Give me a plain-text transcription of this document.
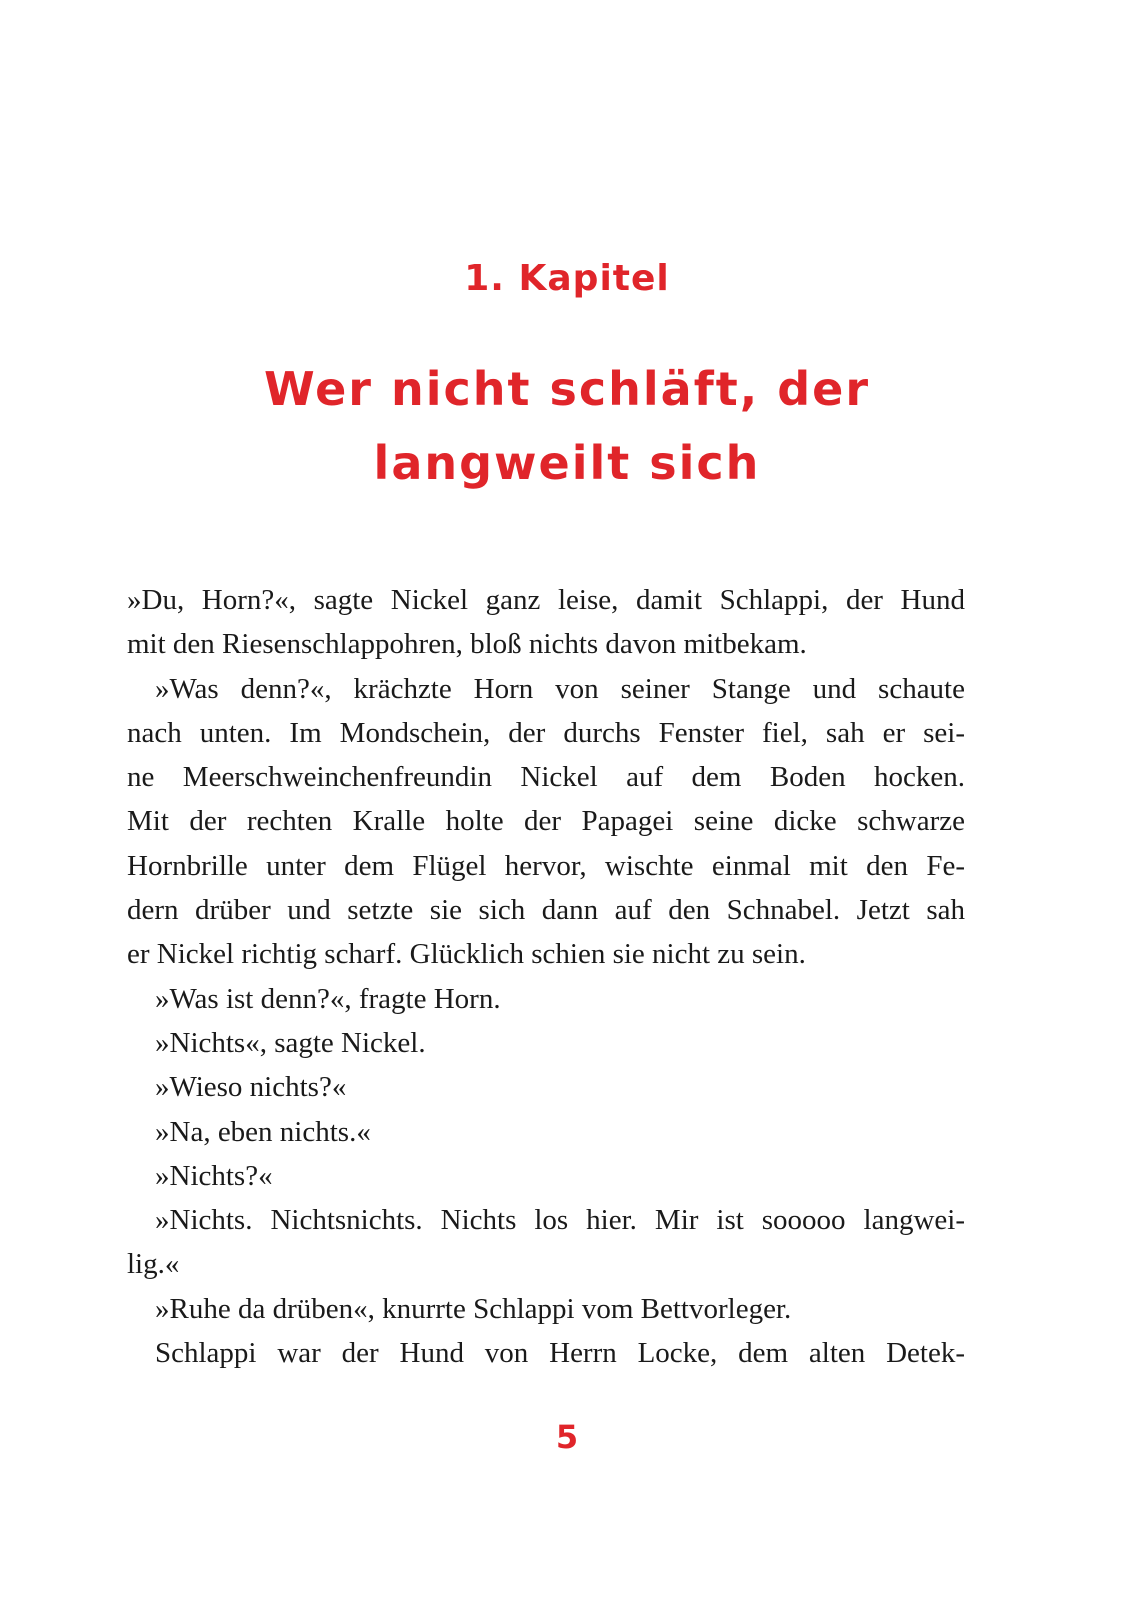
1. Kapitel
Wer nicht schläft, der
langweilt sich
»Du, Horn?«, sagte Nickel ganz leise, damit Schlappi, der Hund
mit den Riesenschlappohren, bloß nichts davon mitbekam.
»Was denn?«, krächzte Horn von seiner Stange und schaute
nach unten. Im Mondschein, der durchs Fenster fiel, sah er sei-
ne Meerschweinchenfreundin Nickel auf dem Boden hocken.
Mit der rechten Kralle holte der Papagei seine dicke schwarze
Hornbrille unter dem Flügel hervor, wischte einmal mit den Fe-
dern drüber und setzte sie sich dann auf den Schnabel. Jetzt sah
er Nickel richtig scharf. Glücklich schien sie nicht zu sein.
»Was ist denn?«, fragte Horn.
»Nichts«, sagte Nickel.
»Wieso nichts?«
»Na, eben nichts.«
»Nichts?«
»Nichts. Nichtsnichts. Nichts los hier. Mir ist sooooo langwei-
lig.«
»Ruhe da drüben«, knurrte Schlappi vom Bettvorleger.
Schlappi war der Hund von Herrn Locke, dem alten Detek-
5
